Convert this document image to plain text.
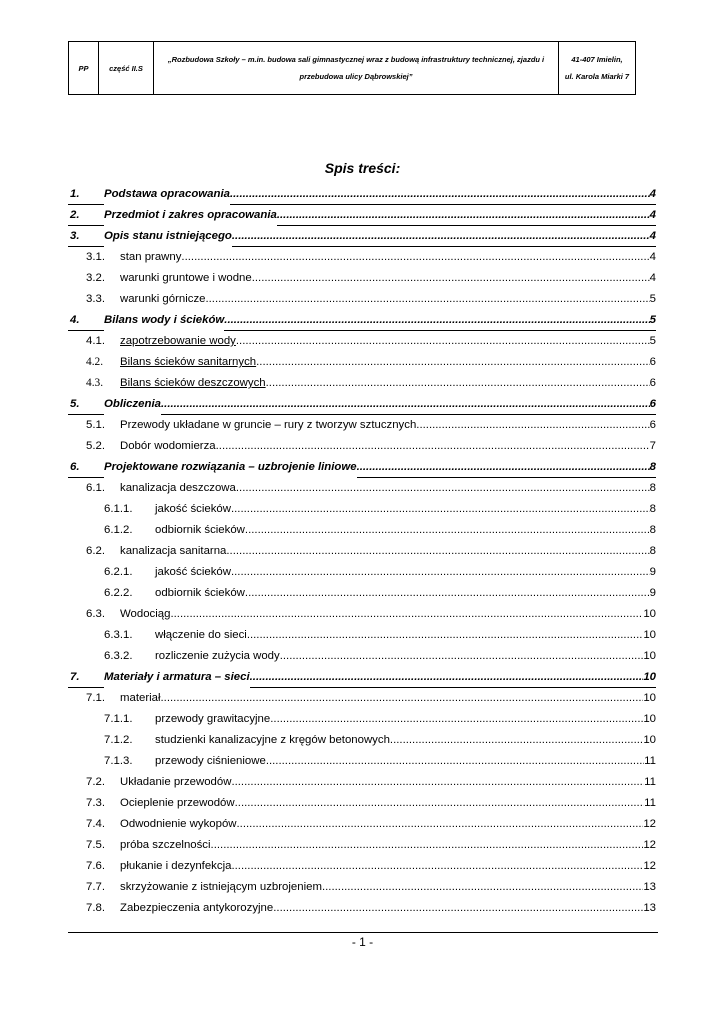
PP	część II.S
„Rozbudowa Szkoły – m.in. budowa sali gimnastycznej wraz z budową infrastruktury technicznej, zjazdu i przebudowa ulicy Dąbrowskiej”
41-407 Imielin,
ul. Karola Miarki 7
Spis treści:
1. Podstawa opracowania .....	4
2. Przedmiot i zakres opracowania .....	4
3. Opis stanu istniejącego .....	4
3.1. stan prawny .....	4
3.2. warunki gruntowe i wodne .....	4
3.3. warunki górnicze .....	5
4. Bilans wody i ścieków .....	5
4.1. zapotrzebowanie wody .....	5
4.2. Bilans ścieków sanitarnych .....	6
4.3. Bilans ścieków deszczowych .....	6
5. Obliczenia .....	6
5.1. Przewody układane w gruncie – rury z tworzyw sztucznych .....	6
5.2. Dobór wodomierza .....	7
6. Projektowane rozwiązania – uzbrojenie liniowe .....	8
6.1. kanalizacja deszczowa .....	8
6.1.1. jakość ścieków .....	8
6.1.2. odbiornik ścieków .....	8
6.2. kanalizacja sanitarna .....	8
6.2.1. jakość ścieków .....	9
6.2.2. odbiornik ścieków .....	9
6.3. Wodociąg .....	10
6.3.1. włączenie do sieci .....	10
6.3.2. rozliczenie zużycia wody .....	10
7. Materiały i armatura – sieci .....	10
7.1. materiał .....	10
7.1.1. przewody grawitacyjne .....	10
7.1.2. studzienki kanalizacyjne z kręgów betonowych .....	10
7.1.3. przewody ciśnieniowe .....	11
7.2. Układanie przewodów .....	11
7.3. Ocieplenie przewodów .....	11
7.4. Odwodnienie wykopów .....	12
7.5. próba szczelności .....	12
7.6. płukanie i dezynfekcja .....	12
7.7. skrzyżowanie z istniejącym uzbrojeniem .....	13
7.8. Zabezpieczenia antykorozyjne .....	13
- 1 -
